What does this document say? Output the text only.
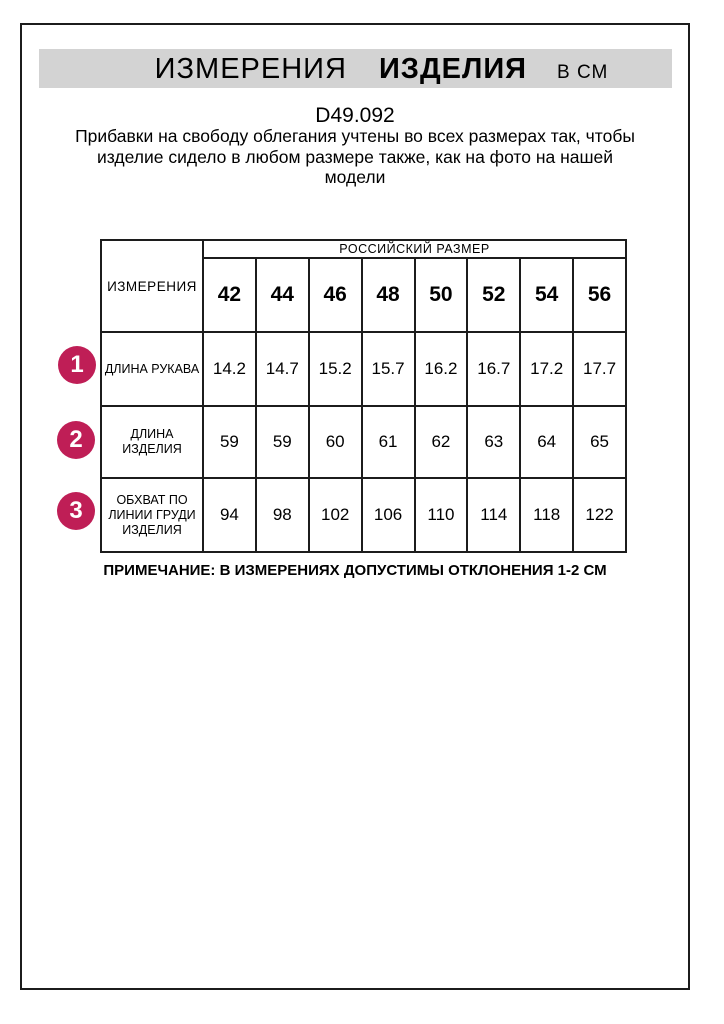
ИЗМЕРЕНИЯ ИЗДЕЛИЯ В СМ
D49.092
Прибавки на свободу облегания учтены во всех размерах так, чтобы
изделие сидело в любом размере также, как на фото на нашей
модели
ИЗМЕРЕНИЯ	РОССИЙСКИЙ РАЗМЕР							
	42	44	46	48	50	52	54	56

ДЛИНА РУКАВА	14.2	14.7	15.2	15.7	16.2	16.7	17.2	17.7

ДЛИНА
ИЗДЕЛИЯ	59	59	60	61	62	63	64	65

ОБХВАТ ПО
ЛИНИИ ГРУДИ
ИЗДЕЛИЯ	94	98	102	106	110	114	118	122
1
2
3
ПРИМЕЧАНИЕ: В ИЗМЕРЕНИЯХ ДОПУСТИМЫ ОТКЛОНЕНИЯ 1-2 СМ
